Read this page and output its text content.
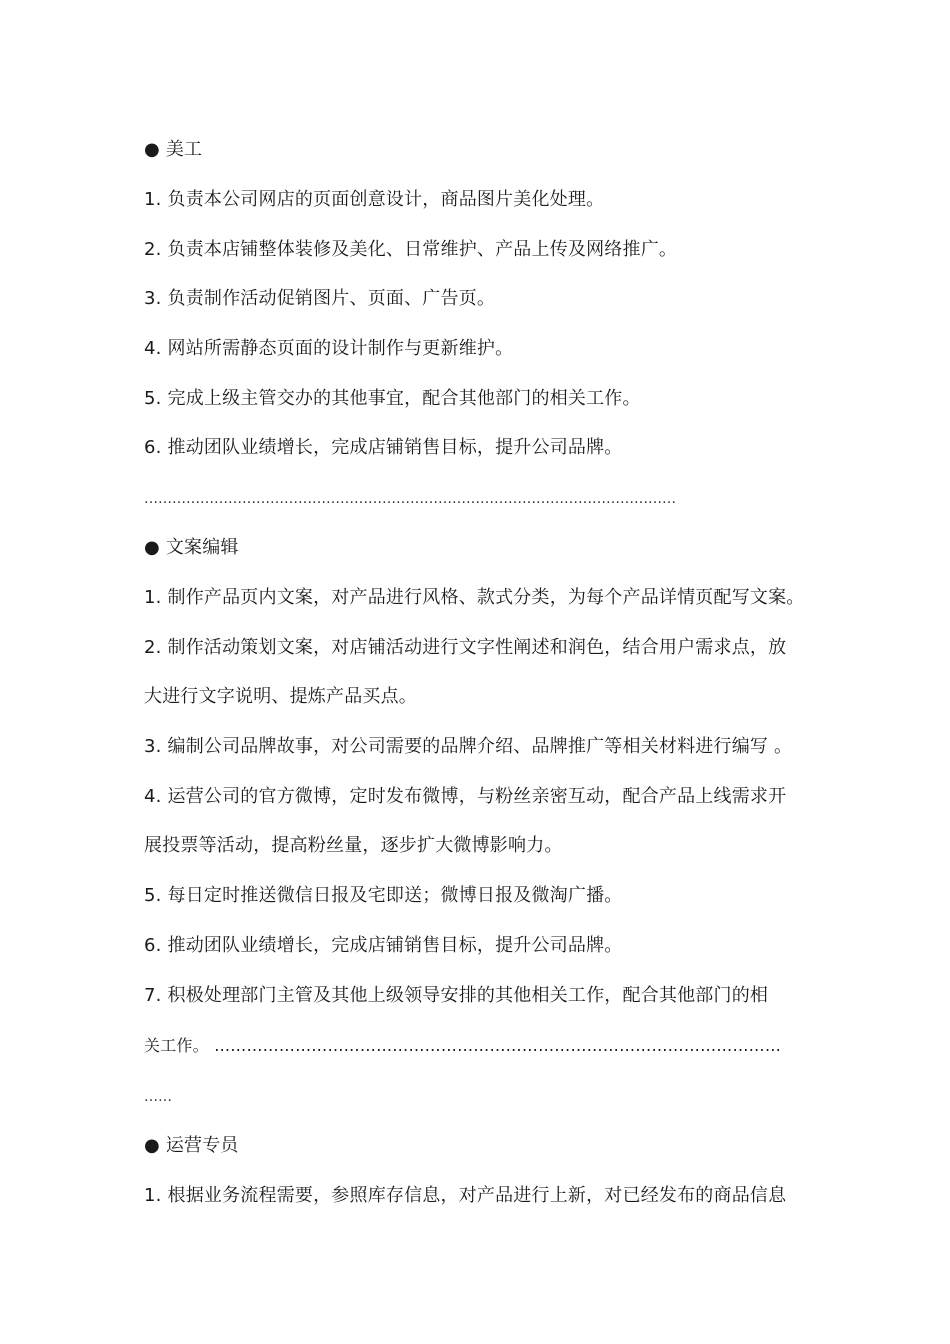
● 美工
1. 负责本公司网店的页面创意设计，商品图片美化处理。
2. 负责本店铺整体装修及美化、日常维护、产品上传及网络推广。
3. 负责制作活动促销图片、页面、广告页。
4. 网站所需静态页面的设计制作与更新维护。
5. 完成上级主管交办的其他事宜，配合其他部门的相关工作。
6. 推动团队业绩增长，完成店铺销售目标，提升公司品牌。
……………………………………………………………………………………………………
● 文案编辑
1. 制作产品页内文案，对产品进行风格、款式分类，为每个产品详情页配写文案。
2. 制作活动策划文案，对店铺活动进行文字性阐述和润色，结合用户需求点，放
大进行文字说明、提炼产品买点。
3. 编制公司品牌故事，对公司需要的品牌介绍、品牌推广等相关材料进行编写 。
4. 运营公司的官方微博，定时发布微博，与粉丝亲密互动，配合产品上线需求开
展投票等活动，提高粉丝量，逐步扩大微博影响力。
5. 每日定时推送微信日报及宅即送；微博日报及微淘广播。
6. 推动团队业绩增长，完成店铺销售目标，提升公司品牌。
7. 积极处理部门主管及其他上级领导安排的其他相关工作，配合其他部门的相
关工作。 ……………………………………………………………………………………………
……
● 运营专员
1. 根据业务流程需要，参照库存信息，对产品进行上新，对已经发布的商品信息
